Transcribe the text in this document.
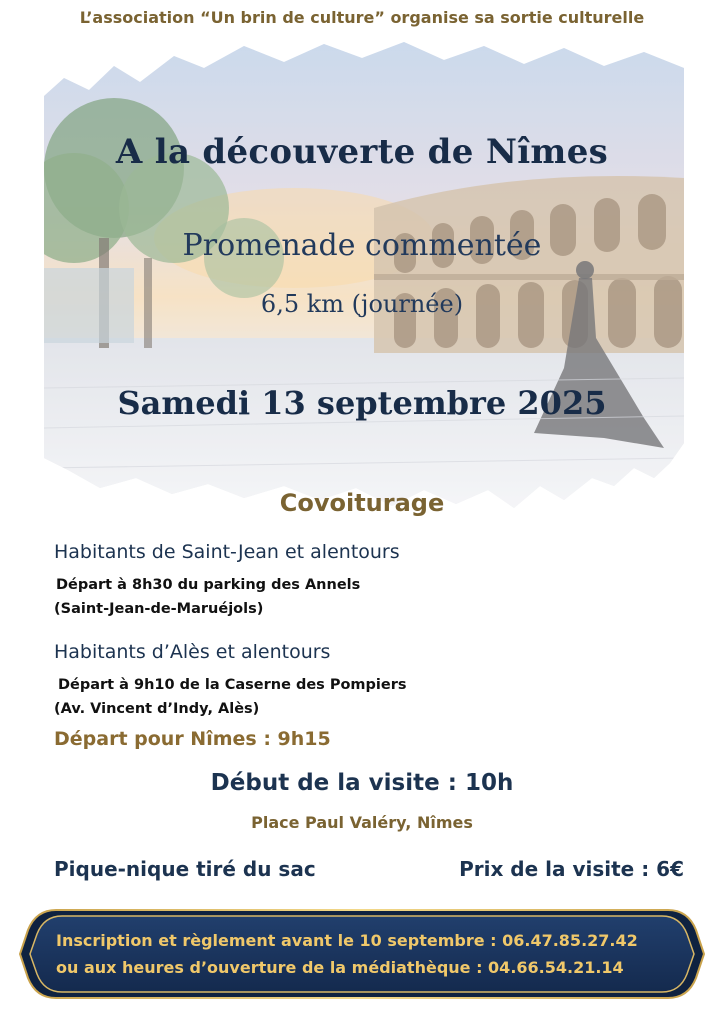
L’association “Un brin de culture” organise sa sortie culturelle
A la découverte de Nîmes
Promenade commentée
6,5 km (journée)
Samedi 13 septembre 2025
Covoiturage
Habitants de Saint-Jean et alentours
Départ à 8h30 du parking des Annels
(Saint-Jean-de-Maruéjols)
Habitants d’Alès et alentours
Départ à 9h10 de la Caserne des Pompiers
(Av. Vincent d’Indy, Alès)
Départ pour Nîmes : 9h15
Début de la visite : 10h
Place Paul Valéry, Nîmes
Pique-nique tiré du sac	Prix de la visite : 6€
Inscription et règlement avant le 10 septembre : 06.47.85.27.42
ou aux heures d’ouverture de la médiathèque : 04.66.54.21.14
